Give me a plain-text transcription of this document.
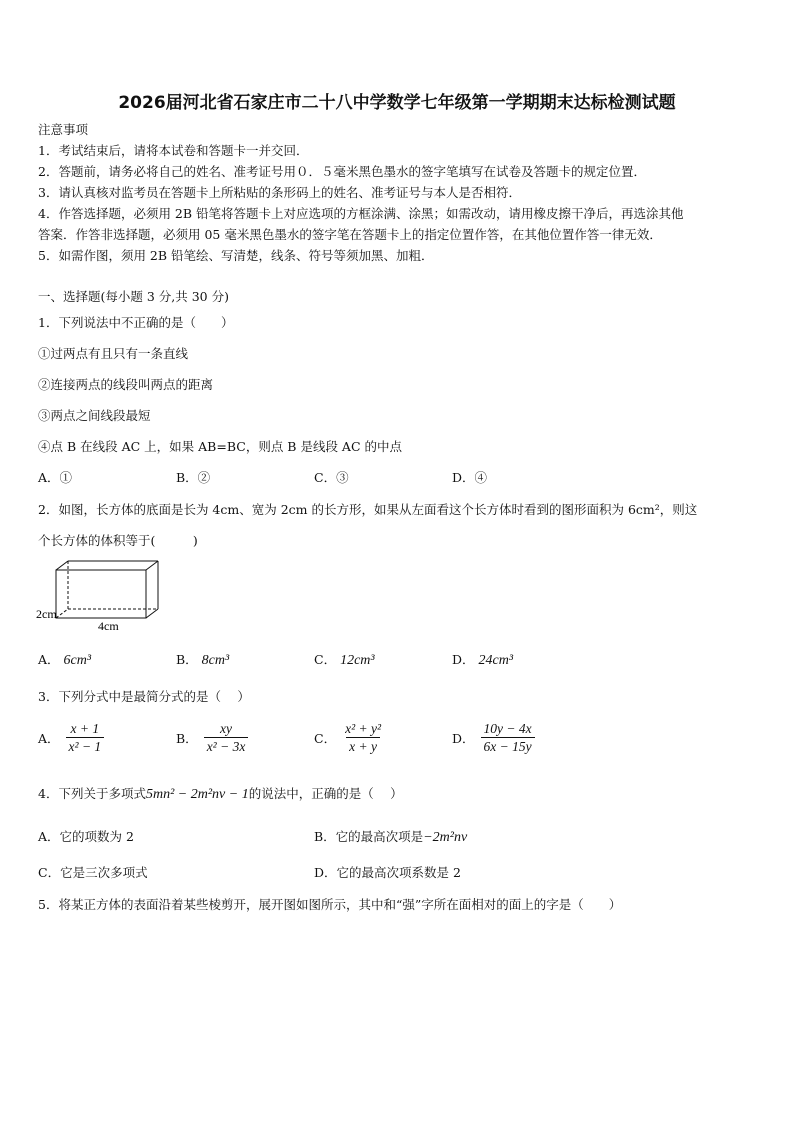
2026届河北省石家庄市二十八中学数学七年级第一学期期末达标检测试题
注意事项
1．考试结束后，请将本试卷和答题卡一并交回．
2．答题前，请务必将自己的姓名、准考证号用０．５毫米黑色墨水的签字笔填写在试卷及答题卡的规定位置．
3．请认真核对监考员在答题卡上所粘贴的条形码上的姓名、准考证号与本人是否相符．
4．作答选择题，必须用 2B 铅笔将答题卡上对应选项的方框涂满、涂黑；如需改动，请用橡皮擦干净后，再选涂其他
答案．作答非选择题，必须用 05 毫米黑色墨水的签字笔在答题卡上的指定位置作答，在其他位置作答一律无效．
5．如需作图，须用 2B 铅笔绘、写清楚，线条、符号等须加黑、加粗．
一、选择题(每小题 3 分,共 30 分)
1．下列说法中不正确的是（　　）
①过两点有且只有一条直线
②连接两点的线段叫两点的距离
③两点之间线段最短
④点 B 在线段 AC 上，如果 AB=BC，则点 B 是线段 AC 的中点
A．①	B．②	C．③	D．④
2．如图，长方体的底面是长为 4cm、宽为 2cm 的长方形，如果从左面看这个长方体时看到的图形面积为 6cm²，则这
个长方体的体积等于(　　　)
2cm
4cm
A． 6cm³	B． 8cm³	C． 12cm³	D． 24cm³
3．下列分式中是最简分式的是（　 ）
A． $\frac{x + 1}{\text{x² − 1}}$	B． $\frac{xy}{\text{x² − 3x}}$	C． $\frac{\text{x² + y²}}{x + y}$	D． $\frac{10y - 4x}{6x - 15y}$
4．下列关于多项式5mn² − 2m²nv − 1的说法中，正确的是（　 ）
A．它的项数为 2	B．它的最高次项是−2m²nv
C．它是三次多项式	D．它的最高次项系数是 2
5．将某正方体的表面沿着某些棱剪开，展开图如图所示，其中和“强”字所在面相对的面上的字是（　　）
